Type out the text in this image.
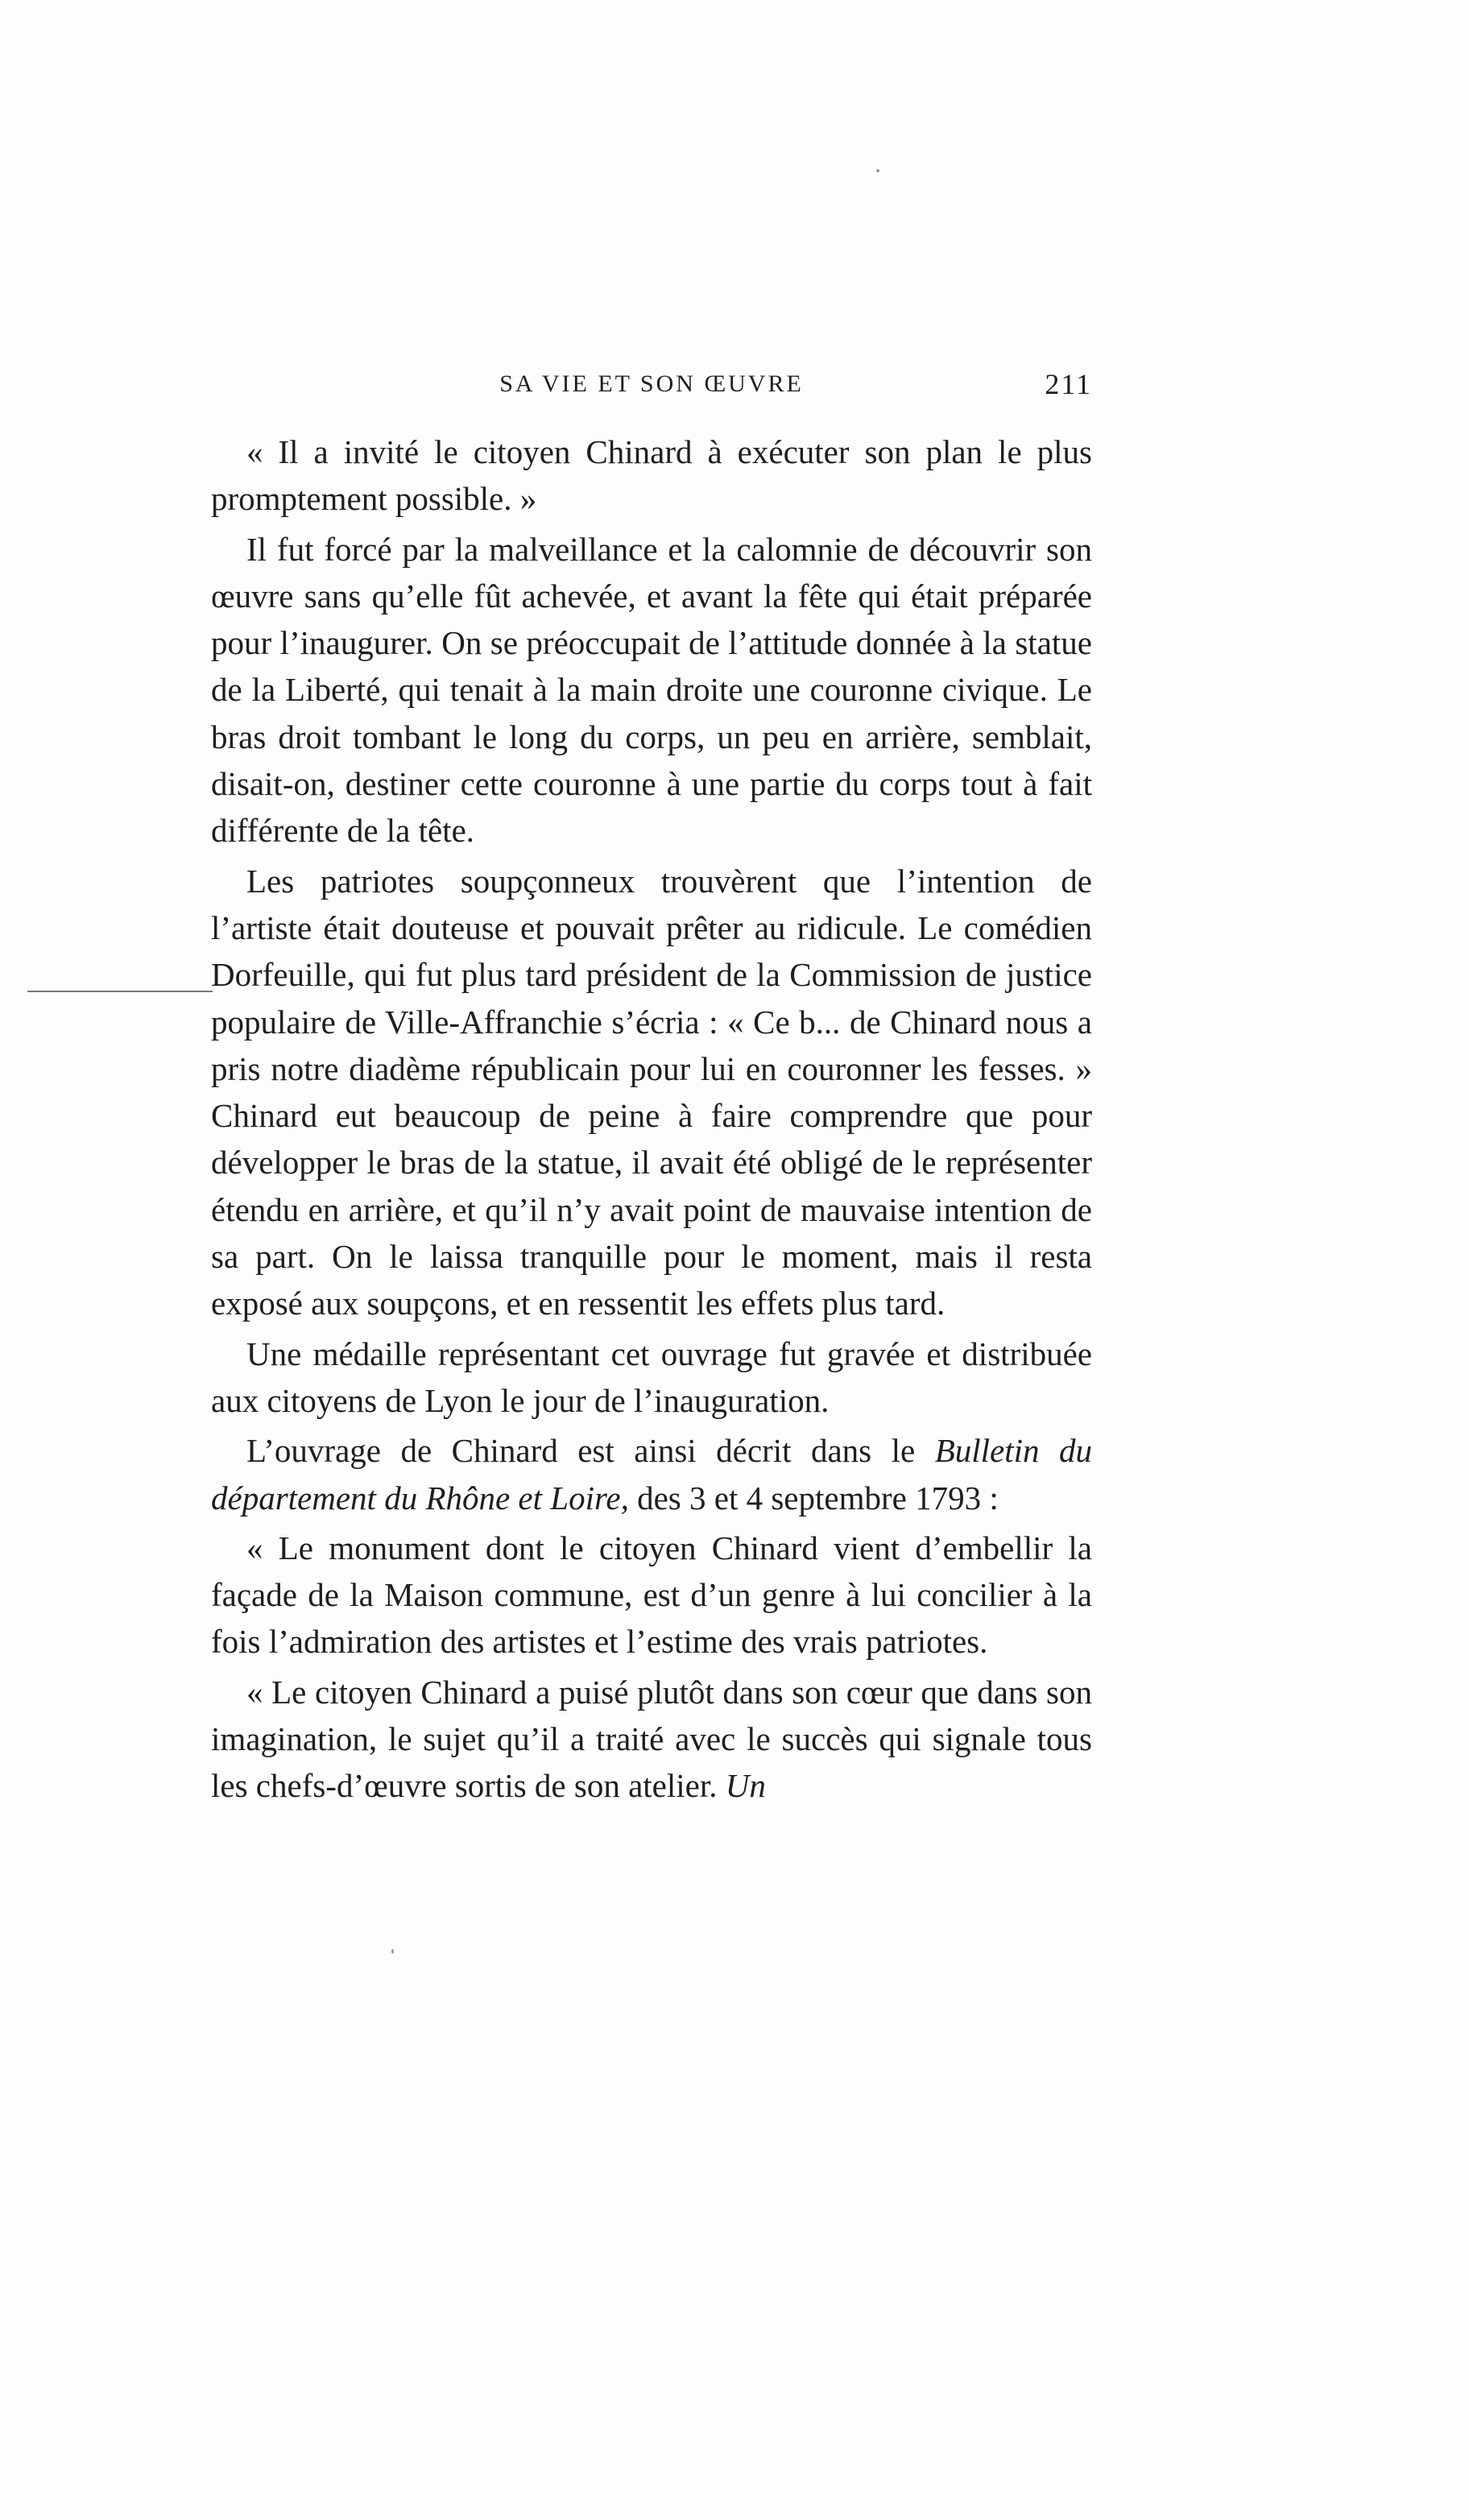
SA VIE ET SON ŒUVRE	211

« Il a invité le citoyen Chinard à exécuter son plan le plus promptement possible. »

Il fut forcé par la malveillance et la calomnie de découvrir son œuvre sans qu’elle fût achevée, et avant la fête qui était préparée pour l’inaugurer. On se préoccupait de l’attitude donnée à la statue de la Liberté, qui tenait à la main droite une couronne civique. Le bras droit tombant le long du corps, un peu en arrière, semblait, disait-on, destiner cette couronne à une partie du corps tout à fait différente de la tête.

Les patriotes soupçonneux trouvèrent que l’intention de l’artiste était douteuse et pouvait prêter au ridicule. Le comédien Dorfeuille, qui fut plus tard président de la Commission de justice populaire de Ville-Affranchie s’écria : « Ce b... de Chinard nous a pris notre diadème républicain pour lui en couronner les fesses. » Chinard eut beaucoup de peine à faire comprendre que pour développer le bras de la statue, il avait été obligé de le représenter étendu en arrière, et qu’il n’y avait point de mauvaise intention de sa part. On le laissa tranquille pour le moment, mais il resta exposé aux soupçons, et en ressentit les effets plus tard.

Une médaille représentant cet ouvrage fut gravée et distribuée aux citoyens de Lyon le jour de l’inauguration.

L’ouvrage de Chinard est ainsi décrit dans le Bulletin du département du Rhône et Loire, des 3 et 4 septembre 1793 :

« Le monument dont le citoyen Chinard vient d’embellir la façade de la Maison commune, est d’un genre à lui concilier à la fois l’admiration des artistes et l’estime des vrais patriotes.

« Le citoyen Chinard a puisé plutôt dans son cœur que dans son imagination, le sujet qu’il a traité avec le succès qui signale tous les chefs-d’œuvre sortis de son atelier. Un
